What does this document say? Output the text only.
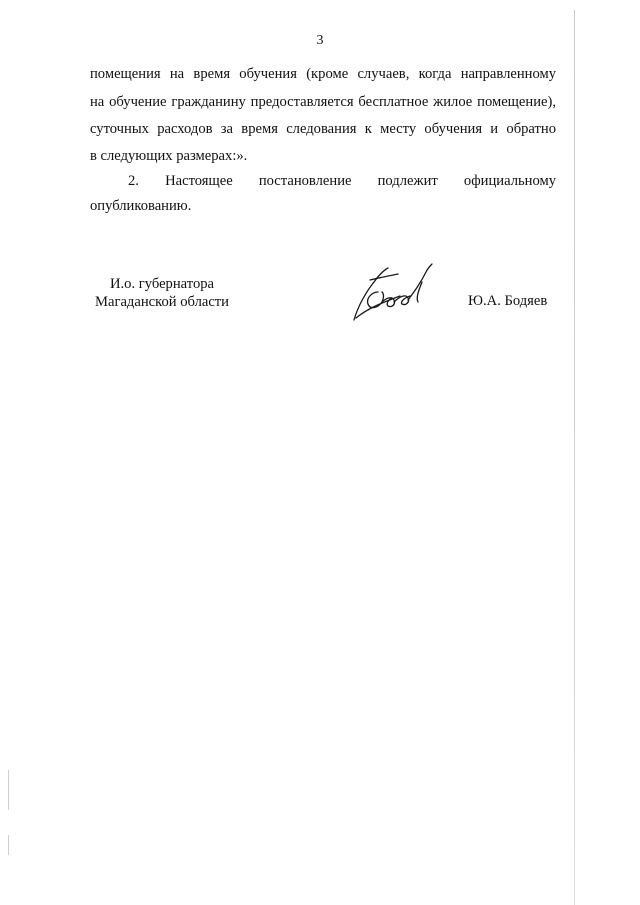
3
помещения на время обучения (кроме случаев, когда направленному
на обучение гражданину предоставляется бесплатное жилое помещение),
суточных расходов за время следования к месту обучения и обратно
в следующих размерах:».
2. Настоящее постановление подлежит официальному
опубликованию.
И.о. губернатора
Магаданской области	Ю.А. Бодяев
